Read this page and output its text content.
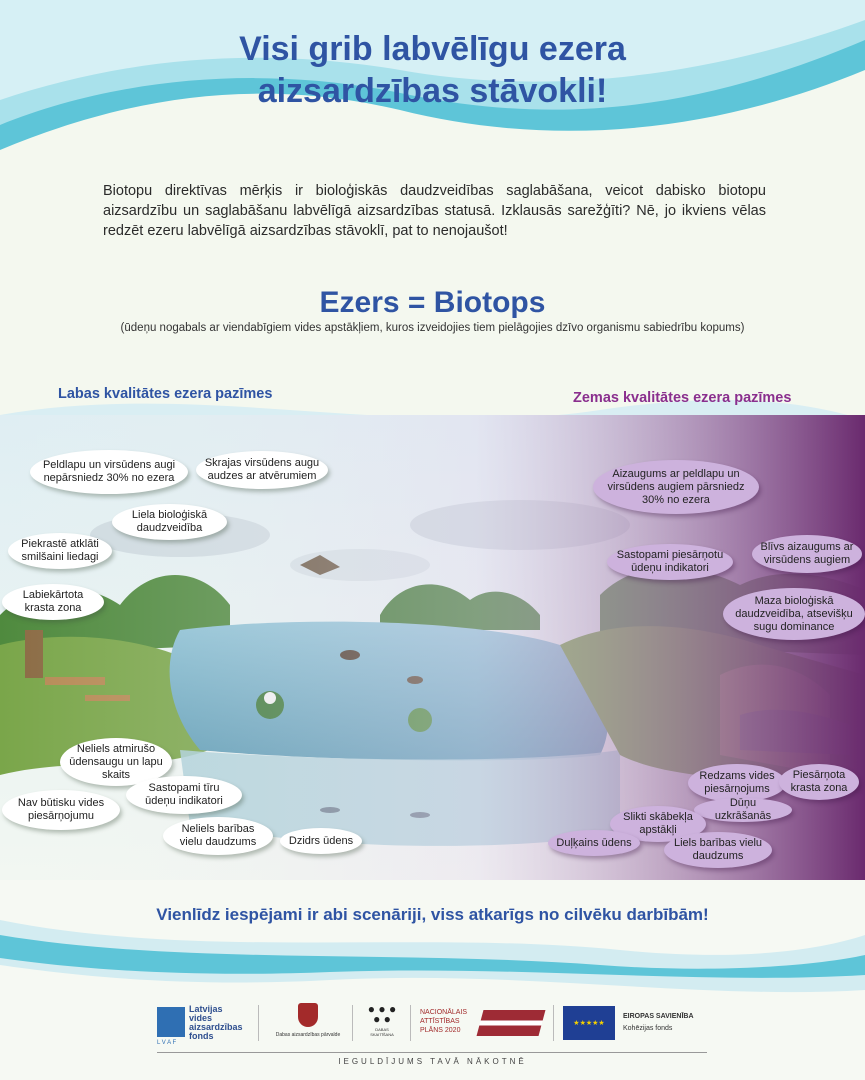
Visi grib labvēlīgu ezera
aizsardzības stāvokli!
Biotopu direktīvas mērķis ir bioloģiskās daudzveidības saglabāšana, veicot dabisko biotopu aizsardzību un saglabāšanu labvēlīgā aizsardzības statusā. Izklausās sarežģīti? Nē, jo ikviens vēlas redzēt ezeru labvēlīgā aizsardzības stāvoklī, pat to nenojaušot!
Ezers = Biotops
(ūdeņu nogabals ar viendabīgiem vides apstākļiem, kuros izveidojies tiem pielāgojies dzīvo organismu sabiedrību kopums)
Labas kvalitātes ezera pazīmes	Zemas kvalitātes ezera pazīmes
Peldlapu un virsūdens augi nepārsniedz 30% no ezera
Skrajas virsūdens augu audzes ar atvērumiem
Liela bioloģiskā daudzveidība
Piekrastē atklāti smilšaini liedagi
Labiekārtota krasta zona
Neliels atmirušo ūdensaugu un lapu skaits
Sastopami tīru ūdeņu indikatori
Nav būtisku vides piesārņojumu
Neliels barības vielu daudzums	Dzidrs ūdens
Aizaugums ar peldlapu un virsūdens augiem pārsniedz 30% no ezera
Sastopami piesārņotu ūdeņu indikatori
Blīvs aizaugums ar virsūdens augiem
Maza bioloģiskā daudzveidība, atsevišķu sugu dominance
Redzams vides piesārņojums
Piesārņota krasta zona
Dūņu uzkrāšanās
Slikti skābekļa apstākļi
Duļķains ūdens	Liels barības vielu daudzums
Vienlīdz iespējami ir abi scenāriji, viss atkarīgs no cilvēku darbībām!
L V A F
Latvijas
vides
aizsardzības
fonds	Dabas aizsardzības pārvalde
● ● ●
● ●
DABAS
SKAITĪŠANA
NACIONĀLAIS
ATTĪSTĪBAS
PLĀNS 2020
★★★★★
EIROPAS SAVIENĪBA
Kohēzijas fonds
IEGULDĪJUMS TAVĀ NĀKOTNĒ
